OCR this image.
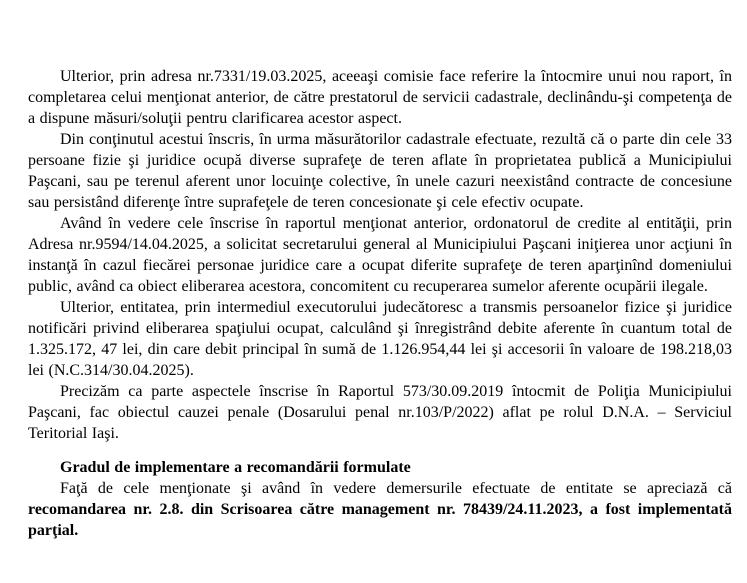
Ulterior, prin adresa nr.7331/19.03.2025, aceeaşi comisie face referire la întocmire unui nou raport, în completarea celui menţionat anterior, de către prestatorul de servicii cadastrale, declinându-şi competenţa de a dispune măsuri/soluţii pentru clarificarea acestor aspect.

Din conţinutul acestui înscris, în urma măsurătorilor cadastrale efectuate, rezultă că o parte din cele 33 persoane fizie şi juridice ocupă diverse suprafeţe de teren aflate în proprietatea publică a Municipiului Paşcani, sau pe terenul aferent unor locuinţe colective, în unele cazuri neexistând contracte de concesiune sau persistând diferenţe între suprafeţele de teren concesionate şi cele efectiv ocupate.

Având în vedere cele înscrise în raportul menţionat anterior, ordonatorul de credite al entităţii, prin Adresa nr.9594/14.04.2025, a solicitat secretarului general al Municipiului Paşcani iniţierea unor acţiuni în instanţă în cazul fiecărei personae juridice care a ocupat diferite suprafeţe de teren aparţinînd domeniului public, având ca obiect eliberarea acestora, concomitent cu recuperarea sumelor aferente ocupării ilegale.

Ulterior, entitatea, prin intermediul executorului judecătoresc a transmis persoanelor fizice şi juridice notificări privind eliberarea spaţiului ocupat, calculând şi înregistrând debite aferente în cuantum total de 1.325.172, 47 lei, din care debit principal în sumă de 1.126.954,44 lei şi accesorii în valoare de 198.218,03 lei (N.C.314/30.04.2025).

Precizăm ca parte aspectele înscrise în Raportul 573/30.09.2019 întocmit de Poliţia Municipiului Paşcani, fac obiectul cauzei penale (Dosarului penal nr.103/P/2022) aflat pe rolul D.N.A. – Serviciul Teritorial Iaşi.

Gradul de implementare a recomandării formulate

Faţă de cele menţionate şi având în vedere demersurile efectuate de entitate se apreciază că recomandarea nr. 2.8. din Scrisoarea către management nr. 78439/24.11.2023, a fost implementată parţial.
